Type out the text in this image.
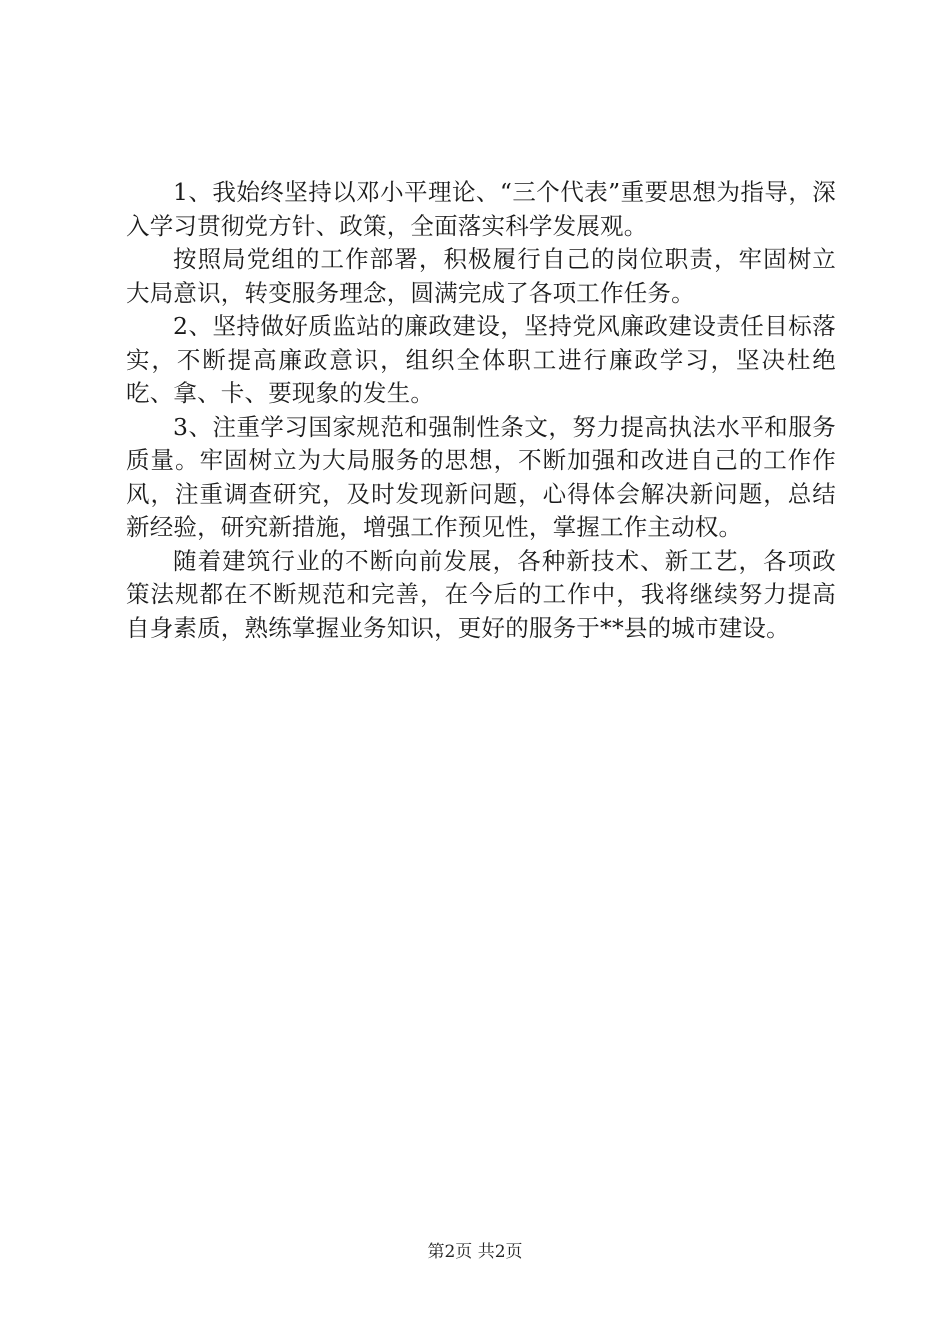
1、我始终坚持以邓小平理论、“三个代表”重要思想为指导，深入学习贯彻党方针、政策，全面落实科学发展观。

按照局党组的工作部署，积极履行自己的岗位职责，牢固树立大局意识，转变服务理念，圆满完成了各项工作任务。

2、坚持做好质监站的廉政建设，坚持党风廉政建设责任目标落实，不断提高廉政意识，组织全体职工进行廉政学习，坚决杜绝吃、拿、卡、要现象的发生。

3、注重学习国家规范和强制性条文，努力提高执法水平和服务质量。牢固树立为大局服务的思想，不断加强和改进自己的工作作风，注重调查研究，及时发现新问题，心得体会解决新问题，总结新经验，研究新措施，增强工作预见性，掌握工作主动权。

随着建筑行业的不断向前发展，各种新技术、新工艺，各项政策法规都在不断规范和完善，在今后的工作中，我将继续努力提高自身素质，熟练掌握业务知识，更好的服务于**县的城市建设。

第2页 共2页
